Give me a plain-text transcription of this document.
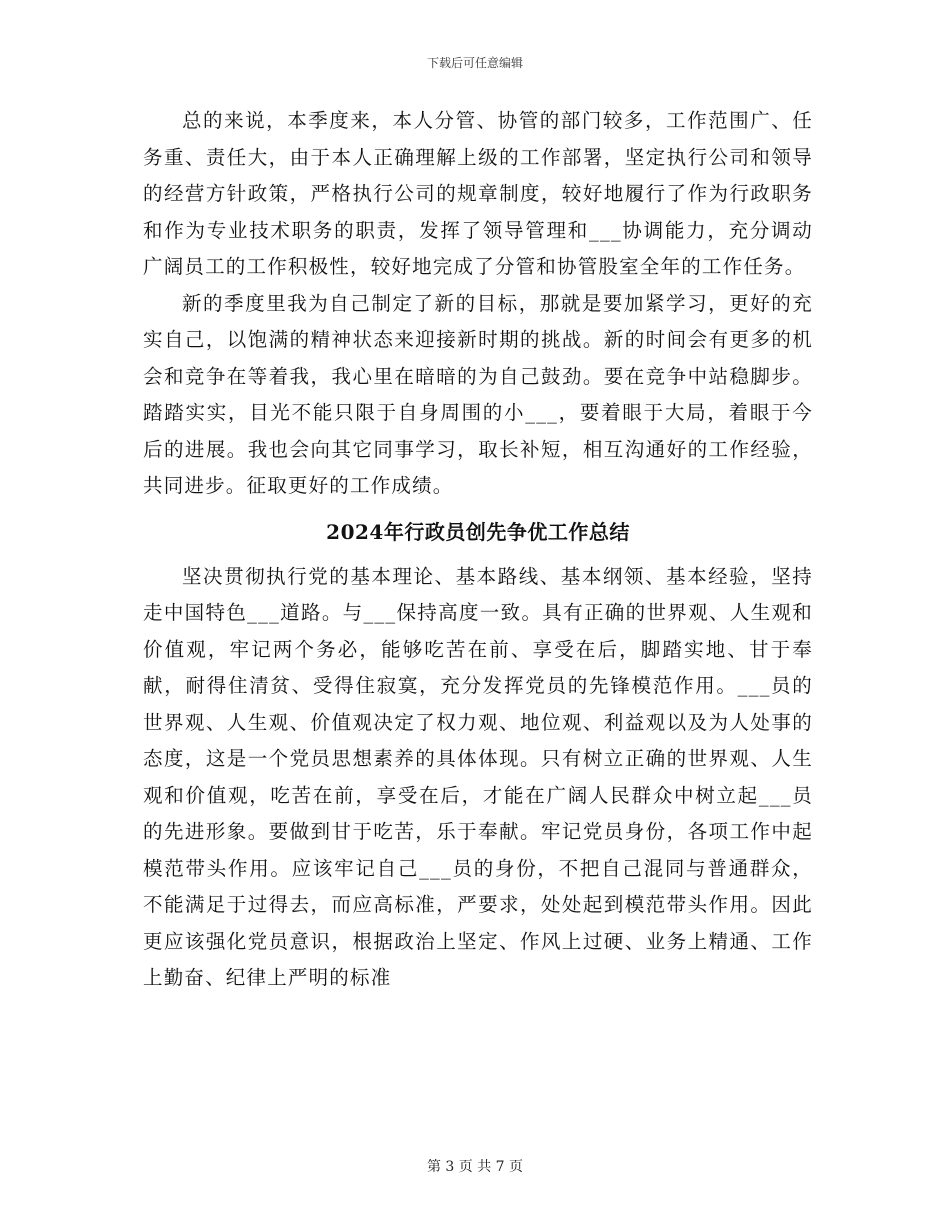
下载后可任意编辑

总的来说，本季度来，本人分管、协管的部门较多，工作范围广、任务重、责任大，由于本人正确理解上级的工作部署，坚定执行公司和领导的经营方针政策，严格执行公司的规章制度，较好地履行了作为行政职务和作为专业技术职务的职责，发挥了领导管理和___协调能力，充分调动广阔员工的工作积极性，较好地完成了分管和协管股室全年的工作任务。

新的季度里我为自己制定了新的目标，那就是要加紧学习，更好的充实自己，以饱满的精神状态来迎接新时期的挑战。新的时间会有更多的机会和竞争在等着我，我心里在暗暗的为自己鼓劲。要在竞争中站稳脚步。踏踏实实，目光不能只限于自身周围的小___，要着眼于大局，着眼于今后的进展。我也会向其它同事学习，取长补短，相互沟通好的工作经验，共同进步。征取更好的工作成绩。

2024年行政员创先争优工作总结

坚决贯彻执行党的基本理论、基本路线、基本纲领、基本经验，坚持走中国特色___道路。与___保持高度一致。具有正确的世界观、人生观和价值观，牢记两个务必，能够吃苦在前、享受在后，脚踏实地、甘于奉献，耐得住清贫、受得住寂寞，充分发挥党员的先锋模范作用。___员的世界观、人生观、价值观决定了权力观、地位观、利益观以及为人处事的态度，这是一个党员思想素养的具体体现。只有树立正确的世界观、人生观和价值观，吃苦在前，享受在后，才能在广阔人民群众中树立起___员的先进形象。要做到甘于吃苦，乐于奉献。牢记党员身份，各项工作中起模范带头作用。应该牢记自己___员的身份，不把自己混同与普通群众，不能满足于过得去，而应高标准，严要求，处处起到模范带头作用。因此更应该强化党员意识，根据政治上坚定、作风上过硬、业务上精通、工作上勤奋、纪律上严明的标准

第 3 页 共 7 页
